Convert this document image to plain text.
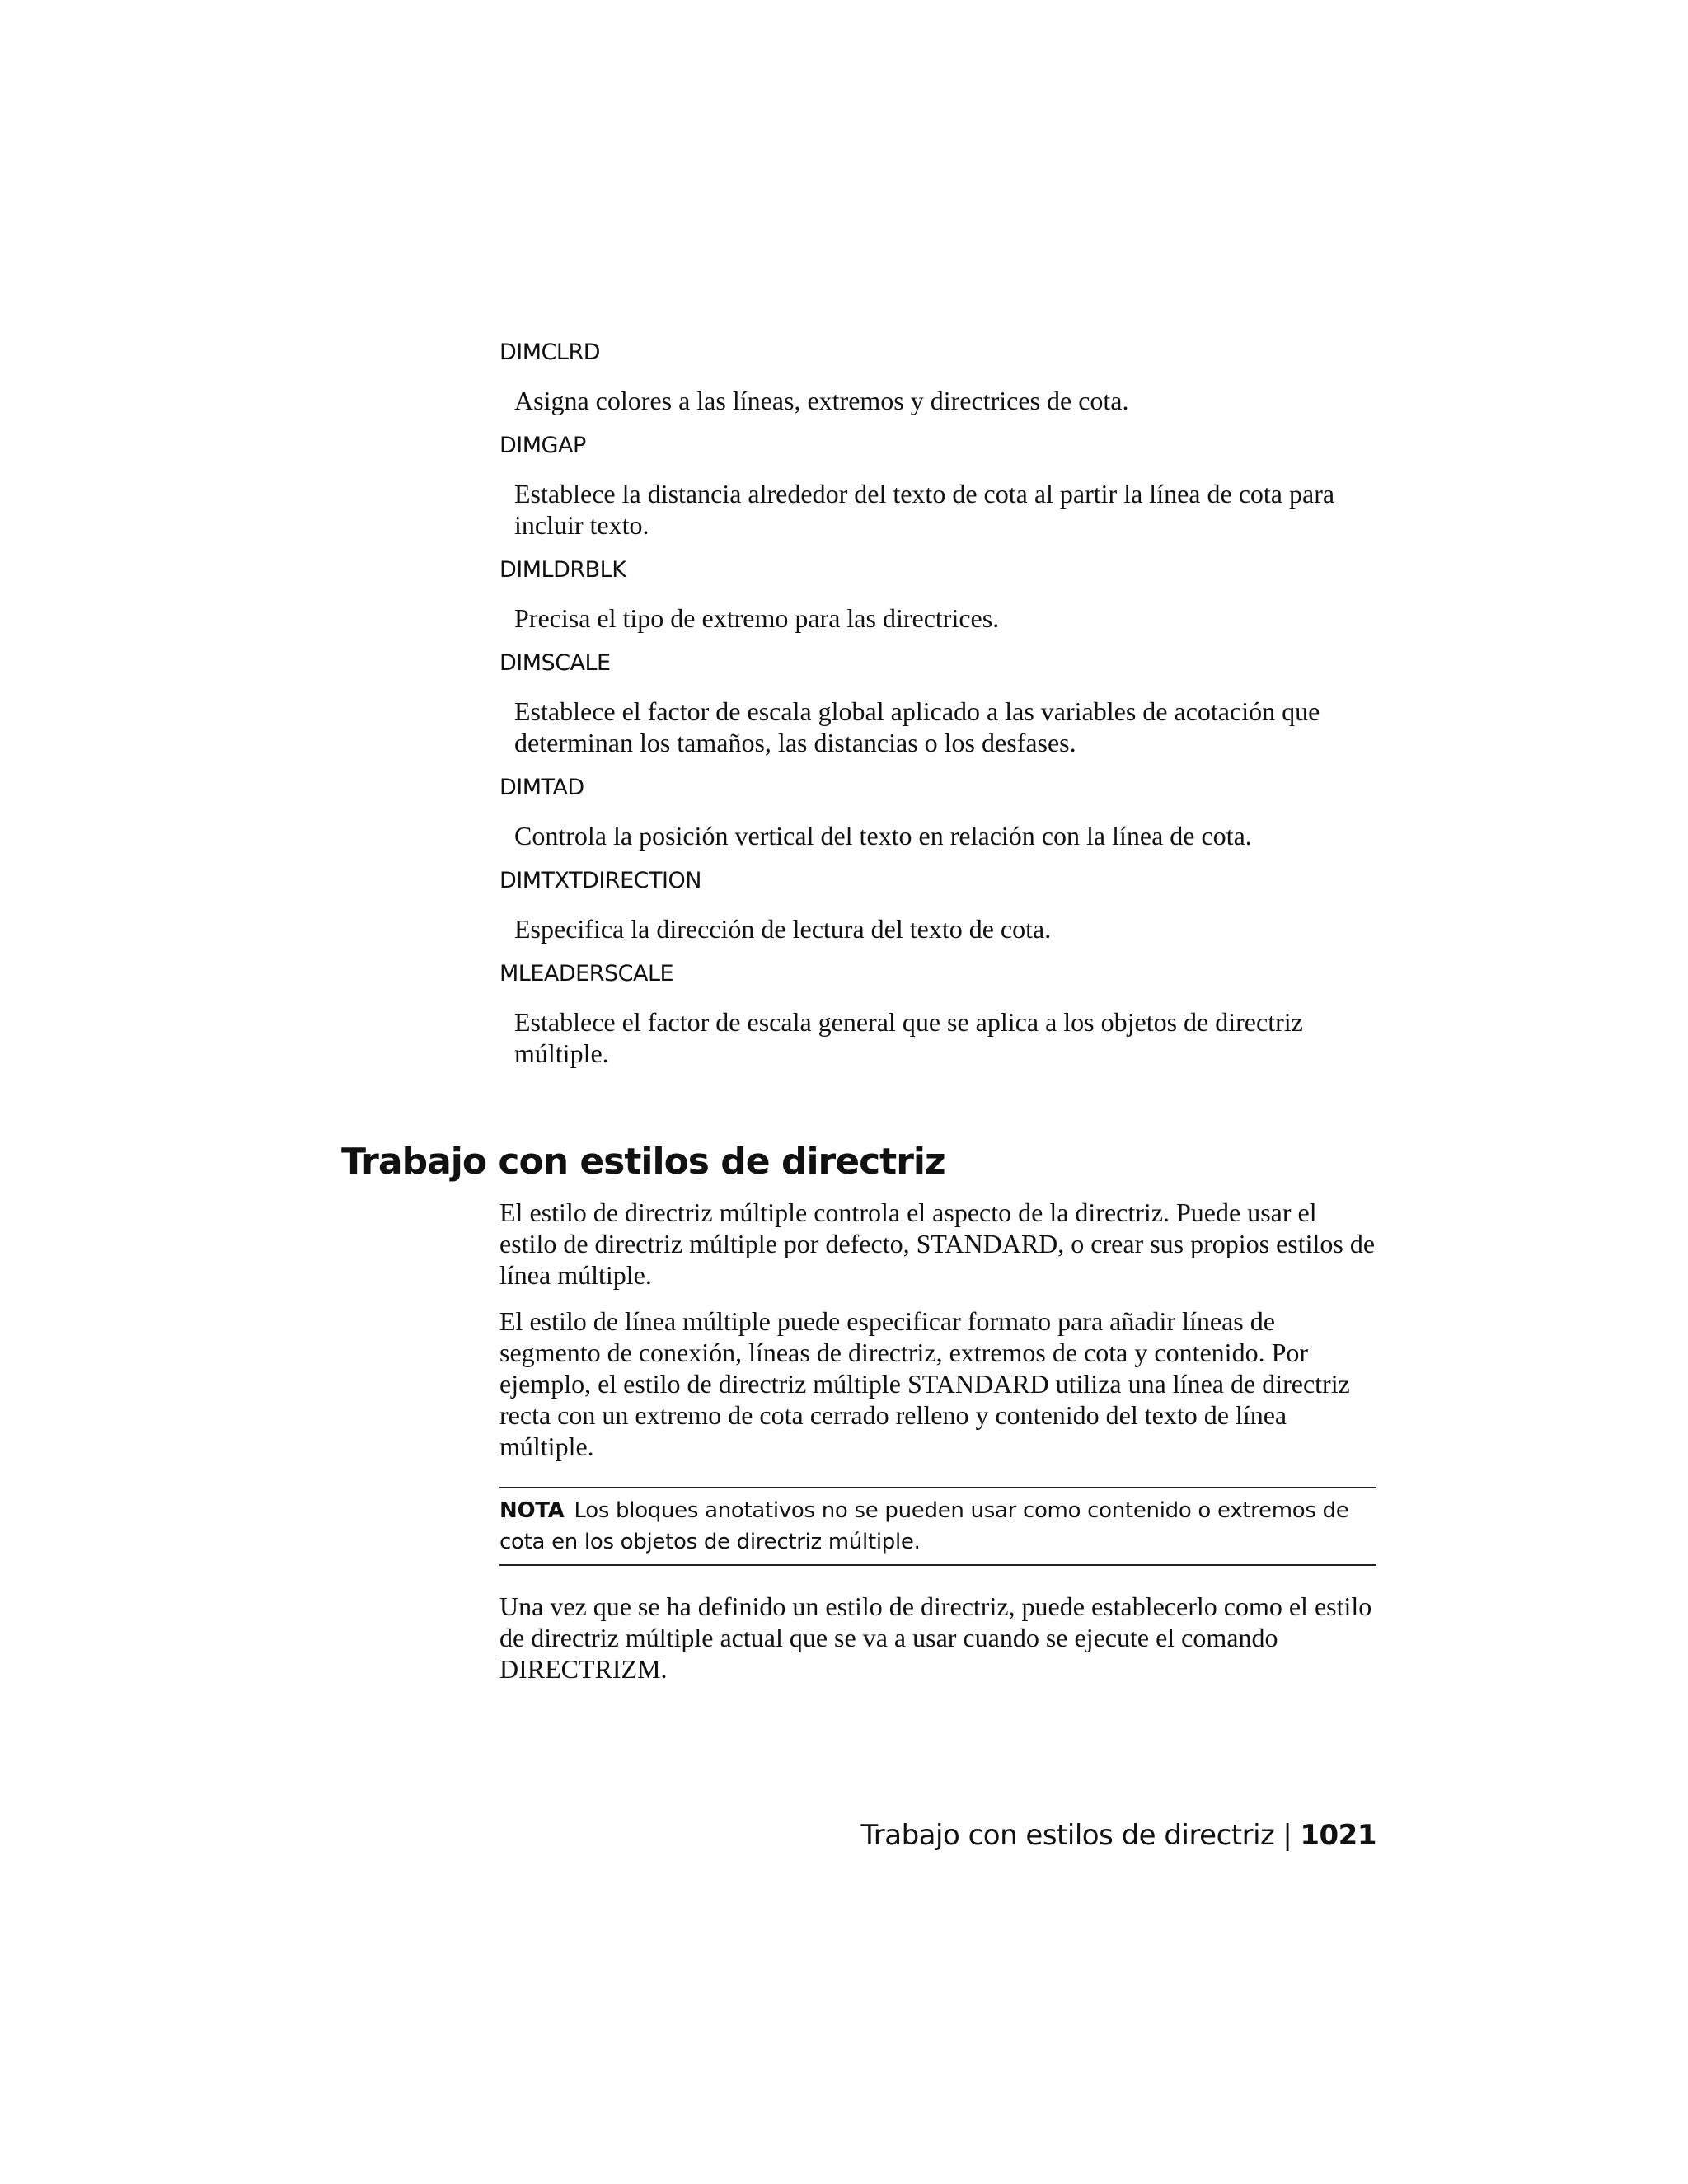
DIMCLRD
Asigna colores a las líneas, extremos y directrices de cota.
DIMGAP
Establece la distancia alrededor del texto de cota al partir la línea de cota para incluir texto.
DIMLDRBLK
Precisa el tipo de extremo para las directrices.
DIMSCALE
Establece el factor de escala global aplicado a las variables de acotación que determinan los tamaños, las distancias o los desfases.
DIMTAD
Controla la posición vertical del texto en relación con la línea de cota.
DIMTXTDIRECTION
Especifica la dirección de lectura del texto de cota.
MLEADERSCALE
Establece el factor de escala general que se aplica a los objetos de directriz múltiple.
Trabajo con estilos de directriz

El estilo de directriz múltiple controla el aspecto de la directriz. Puede usar el estilo de directriz múltiple por defecto, STANDARD, o crear sus propios estilos de línea múltiple.

El estilo de línea múltiple puede especificar formato para añadir líneas de segmento de conexión, líneas de directriz, extremos de cota y contenido. Por ejemplo, el estilo de directriz múltiple STANDARD utiliza una línea de directriz recta con un extremo de cota cerrado relleno y contenido del texto de línea múltiple.

NOTA Los bloques anotativos no se pueden usar como contenido o extremos de cota en los objetos de directriz múltiple.

Una vez que se ha definido un estilo de directriz, puede establecerlo como el estilo de directriz múltiple actual que se va a usar cuando se ejecute el comando DIRECTRIZM.

Trabajo con estilos de directriz | 1021
